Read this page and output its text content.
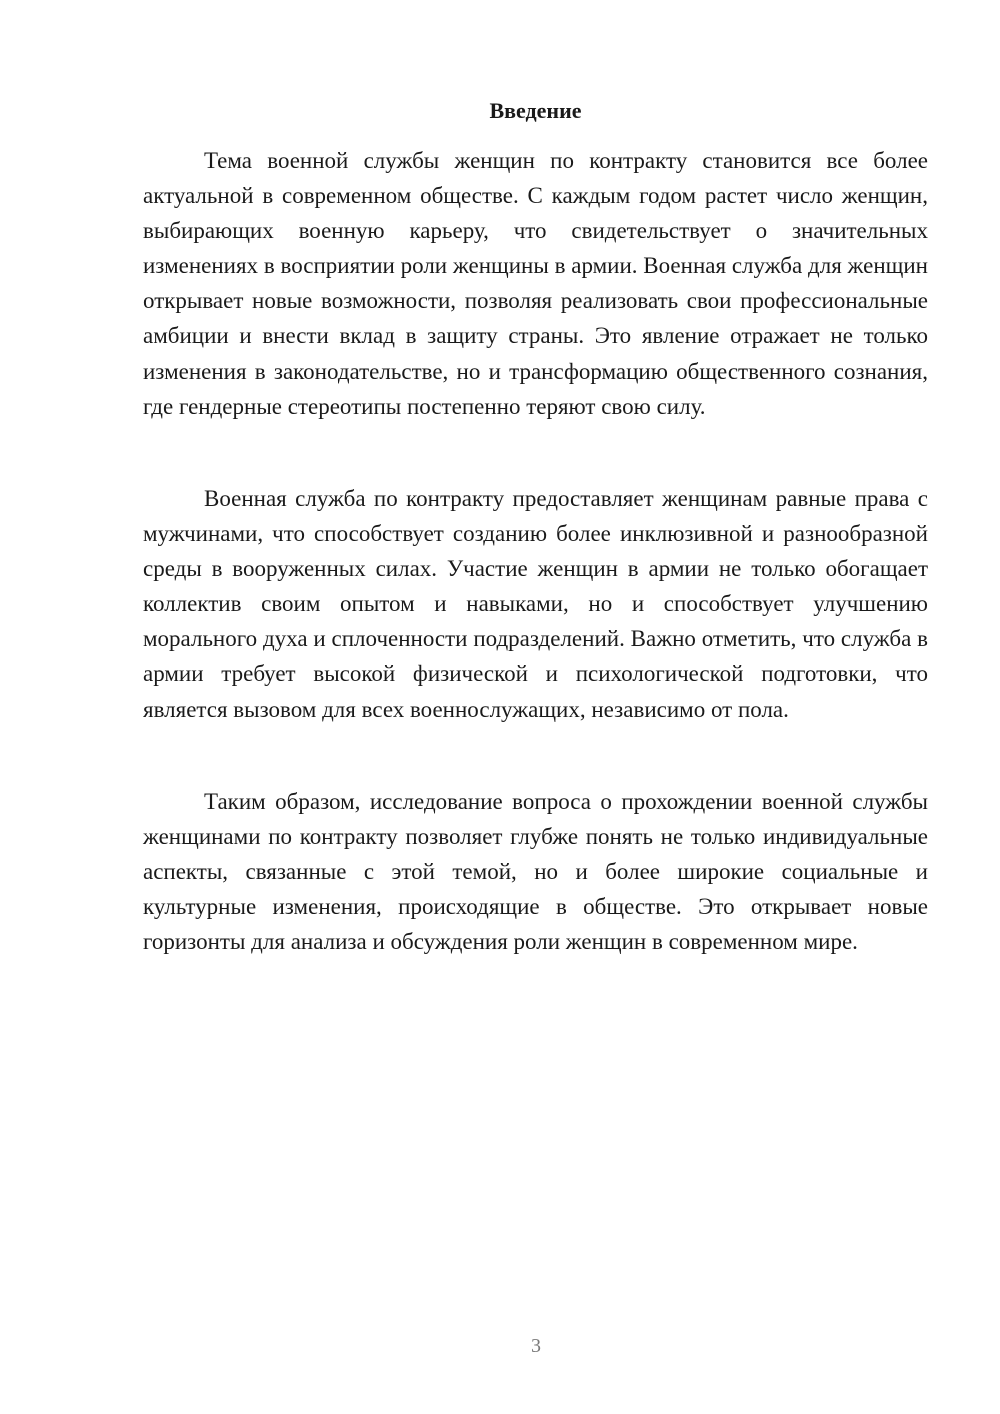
Введение

Тема военной службы женщин по контракту становится все более актуальной в современном обществе. С каждым годом растет число женщин, выбирающих военную карьеру, что свидетельствует о значительных изменениях в восприятии роли женщины в армии. Военная служба для женщин открывает новые возможности, позволяя реализовать свои профессиональные амбиции и внести вклад в защиту страны. Это явление отражает не только изменения в законодательстве, но и трансформацию общественного сознания, где гендерные стереотипы постепенно теряют свою силу.

Военная служба по контракту предоставляет женщинам равные права с мужчинами, что способствует созданию более инклюзивной и разнообразной среды в вооруженных силах. Участие женщин в армии не только обогащает коллектив своим опытом и навыками, но и способствует улучшению морального духа и сплоченности подразделений. Важно отметить, что служба в армии требует высокой физической и психологической подготовки, что является вызовом для всех военнослужащих, независимо от пола.

Таким образом, исследование вопроса о прохождении военной службы женщинами по контракту позволяет глубже понять не только индивидуальные аспекты, связанные с этой темой, но и более широкие социальные и культурные изменения, происходящие в обществе. Это открывает новые горизонты для анализа и обсуждения роли женщин в современном мире.

3
